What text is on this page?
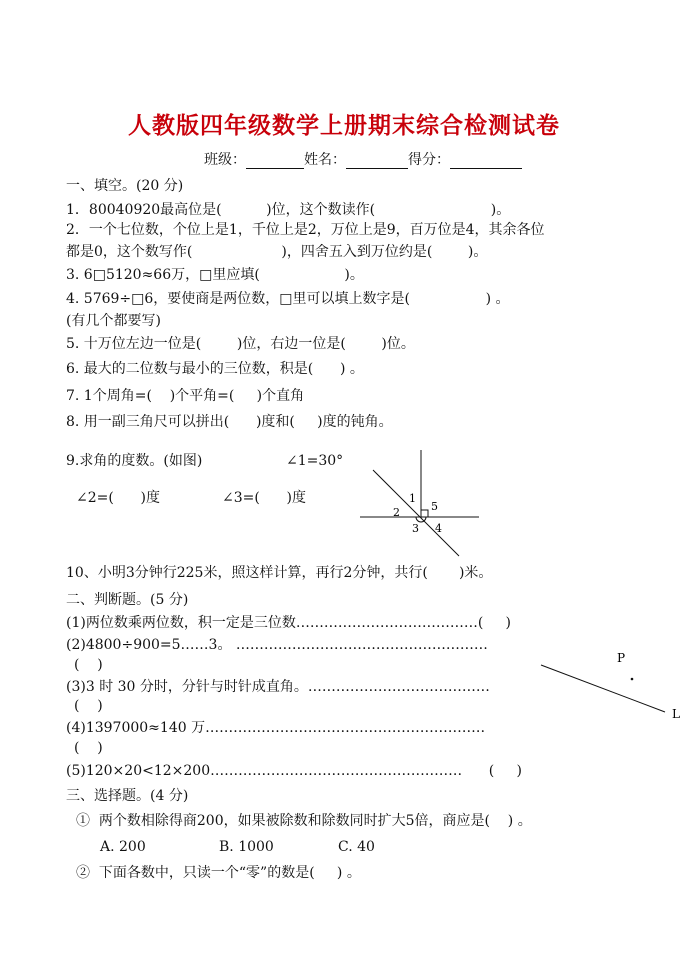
人教版四年级数学上册期末综合检测试卷
班级：	姓名：	得分：
一、填空。(20 分)
1．80040920最高位是(          )位，这个数读作(                          )。
2．一个七位数，个位上是1，千位上是2，万位上是9，百万位是4，其余各位
都是0，这个数写作(                    )，四舍五入到万位约是(        )。
3. 6□5120≈66万，□里应填(                   )。
4. 5769÷□6，要使商是两位数，□里可以填上数字是(                 ) 。
(有几个都要写)
5. 十万位左边一位是(        )位，右边一位是(        )位。
6. 最大的二位数与最小的三位数，积是(      ) 。
7. 1个周角=(    )个平角=(     )个直角
8. 用一副三角尺可以拼出(      )度和(     )度的钝角。
9.求角的度数。(如图)	∠1=30°
∠2=(      )度	∠3=(      )度	1
2
3 4
5
10、小明3分钟行225米，照这样计算，再行2分钟，共行(       )米。
二、判断题。(5 分)
(1)两位数乘两位数，积一定是三位数…………………………………(     )
(2)4800÷900=5……3。 ………………………………………………
(    )
(3)3 时 30 分时，分针与时针成直角。…………………………………
(    )
(4)1397000≈140 万……………………………………………………
(    )
(5)120×20<12×200………………………………………………      (     )
P
L
三、选择题。(4 分)
①  两个数相除得商200，如果被除数和除数同时扩大5倍，商应是(    ) 。
A. 200	B. 1000	C. 40
②  下面各数中，只读一个“零”的数是(     ) 。
